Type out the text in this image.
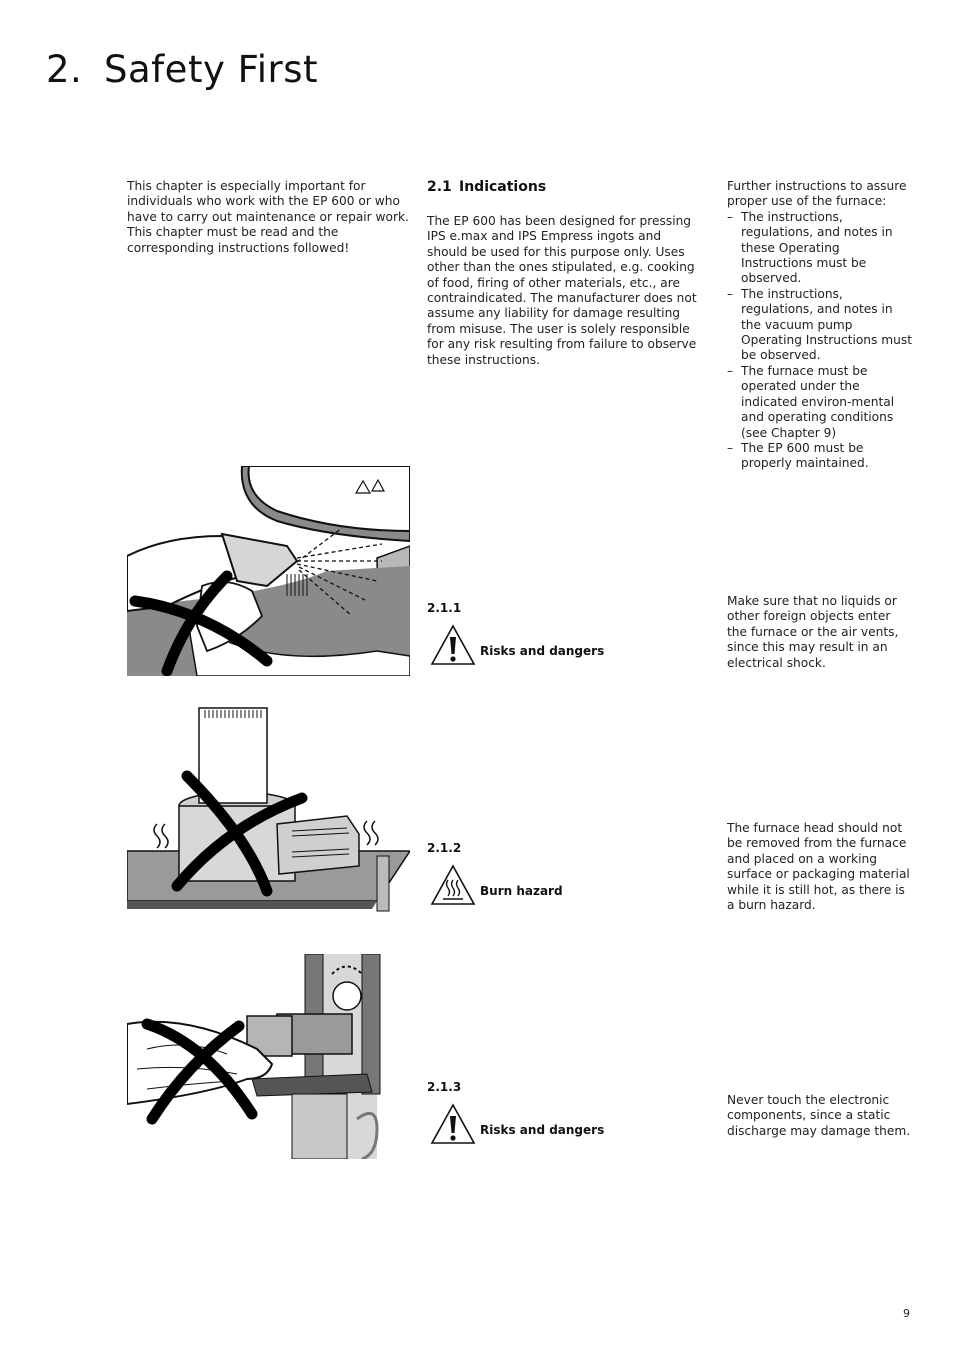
2. Safety First
This chapter is especially important for individuals who work with the EP 600 or who have to carry out maintenance or repair work. This chapter must be read and the corresponding instructions followed!
2.1 Indications
The EP 600 has been designed for pressing IPS e.max and IPS Empress ingots and should be used for this purpose only. Uses other than the ones stipulated, e.g. cooking of food, firing of other materials, etc., are contraindicated. The manufacturer does not assume any liability for damage resulting from misuse. The user is solely responsible for any risk resulting from failure to observe these instructions.
Further instructions to assure proper use of the furnace:
– The instructions, regulations, and notes in these Operating Instructions must be observed.
– The instructions, regulations, and notes in the vacuum pump Operating Instructions must be observed.
– The furnace must be operated under the indicated environ-mental and operating conditions (see Chapter 9)
– The EP 600 must be properly maintained.
2.1.1
Risks and dangers
Make sure that no liquids or other foreign objects enter the furnace or the air vents, since this may result in an electrical shock.
2.1.2
Burn hazard
The furnace head should not be removed from the furnace and placed on a working surface or packaging material while it is still hot, as there is a burn hazard.
2.1.3
Risks and dangers
Never touch the electronic components, since a static discharge may damage them.
9
